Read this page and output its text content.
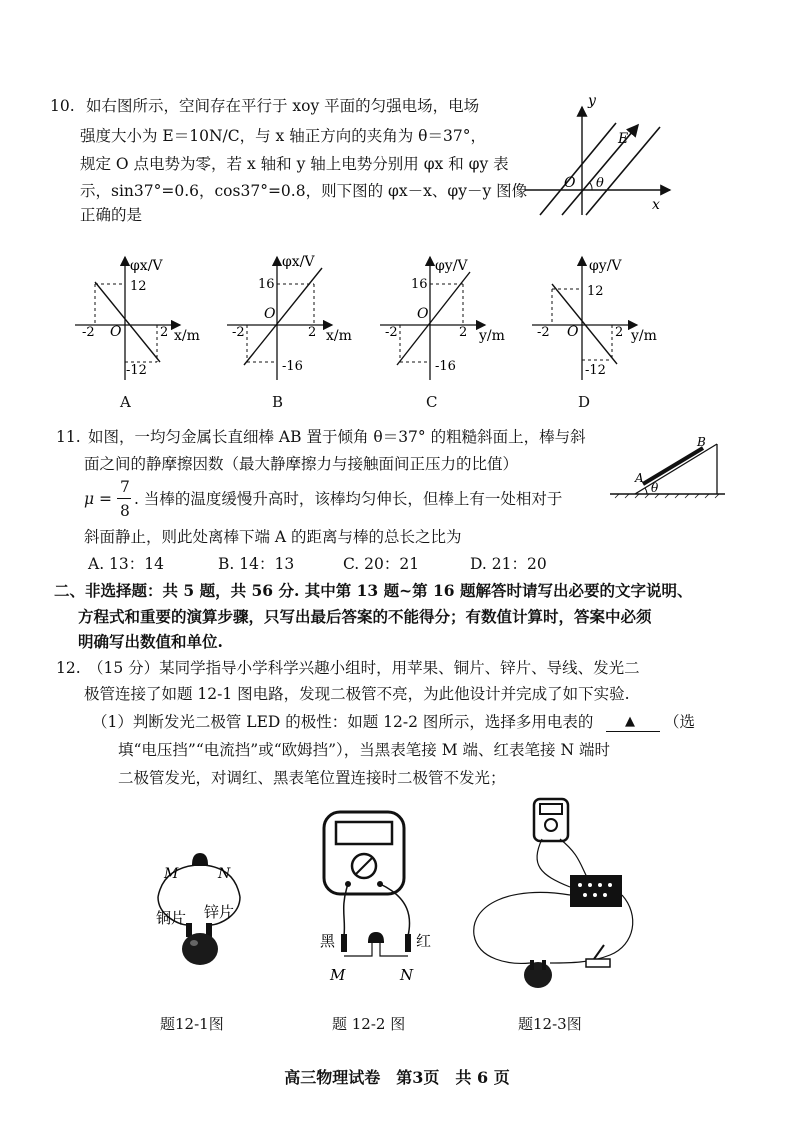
10. 如右图所示，空间存在平行于 xoy 平面的匀强电场，电场
强度大小为 E＝10N/C，与 x 轴正方向的夹角为 θ＝37°，
规定 O 点电势为零，若 x 轴和 y 轴上电势分别用 φx 和 φy 表
示，sin37°=0.6，cos37°=0.8，则下图的 φx－x、φy－y 图像
正确的是
y
E
O θ
x
φx/V
x/m
12
-12
-2	2
O
A
φx/V
x/m
16
-16
-2	2
O
B
φy/V
y/m
16
-16
-2	2
O
C
φy/V
y/m
12
-12
-2	2
O
D
11. 如图，一均匀金属长直细棒 AB 置于倾角 θ＝37° 的粗糙斜面上，棒与斜
面之间的静摩擦因数（最大静摩擦力与接触面间正压力的比值）
μ =
7
8
. 当棒的温度缓慢升高时，该棒均匀伸长，但棒上有一处相对于
斜面静止，则此处离棒下端 A 的距离与棒的总长之比为
A. 13：14	B. 14：13	C. 20：21	D. 21：20
A
B
θ
二、非选择题：共 5 题，共 56 分. 其中第 13 题~第 16 题解答时请写出必要的文字说明、
方程式和重要的演算步骤，只写出最后答案的不能得分；有数值计算时，答案中必须
明确写出数值和单位.
12. （15 分）某同学指导小学科学兴趣小组时，用苹果、铜片、锌片、导线、发光二
极管连接了如题 12-1 图电路，发现二极管不亮，为此他设计并完成了如下实验.
（1）判断发光二极管 LED 的极性：如题 12-2 图所示，选择多用电表的 ▲ （选
填“电压挡”“电流挡”或“欧姆挡”），当黑表笔接 M 端、红表笔接 N 端时
二极管发光，对调红、黑表笔位置连接时二极管不发光；
M	N
铜片 锌片
题12-1图
黑	红
M	N
题 12-2 图	题12-3图
高三物理试卷　第3页　共 6 页
